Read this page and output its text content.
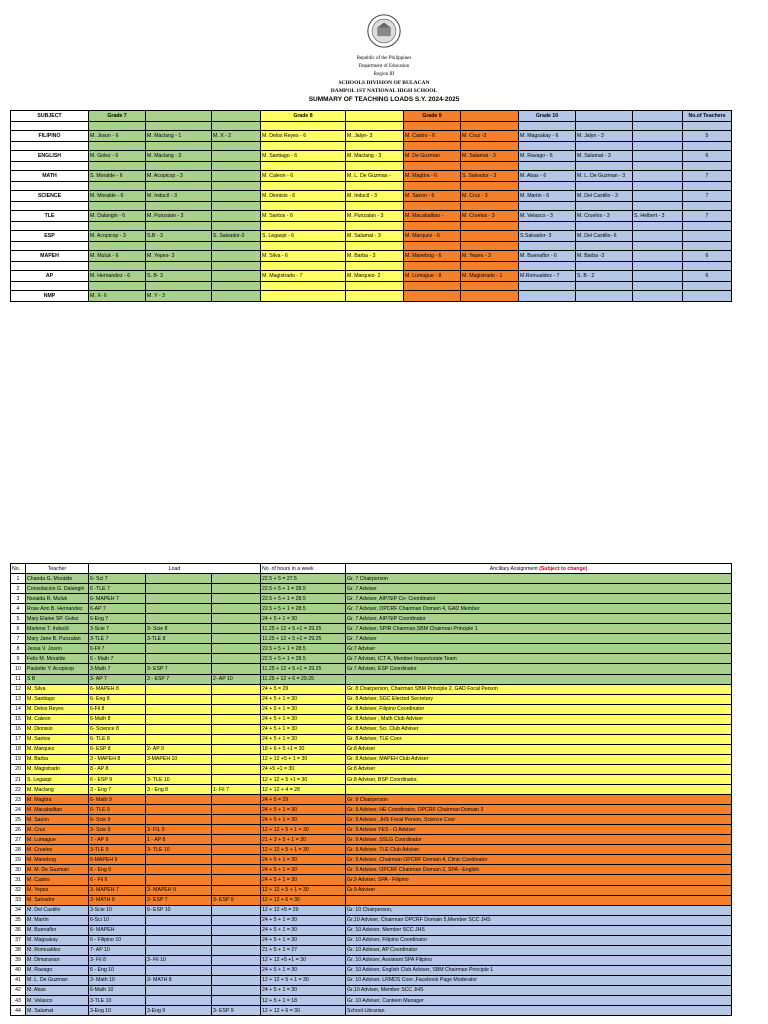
Republic of the Philippines
Department of Education
Region III
SCHOOLS DIVISION OF BULACAN
DAMPOL 1ST NATIONAL HIGH SCHOOL
SUMMARY OF TEACHING LOADS S.Y. 2024-2025
SUBJECT	Grade 7			Grade 8		Grade 9		Grade 10			No.of Teachers

FILIPINO	M. Joson - 6	M. Maclang - 1	M. X - 2	M. Delos Reyes - 6	M. Jalyn- 3	M. Castro - 6	M. Cruz -3	M. Magsakay - 6	M. Jalyn - 3		5

ENGLISH	M. Golez - 6	M. Maclang - 3		M. Santiago - 6	M. Maclang - 3	M. De Guzman	M. Salamat - 3	M. Ravago - 6	M. Salamat - 3		6

MATH	S. Moralde - 6	M. Acopicop - 3		M. Caleon - 6	M. L. De Guzman -	M. Magtira - 6	S. Salvador - 3	M. Abas - 6	M. L. De Guzman - 3		7

SCIENCE	M. Moralde - 6	M. InduciI - 3		M. Dionisio - 6	M. InduciI - 3	M. Sazon - 6	M. Cruz - 3	M. Martin - 6	M. Del Castillo - 3		7

TLE	M. Dalangin - 6	M. Punzalan - 3		M. Santos - 6	M. Punzalan - 3	M. Macabalitao -	M. Cruelos - 3	M. Velasco - 3	M. Cruelos - 3	S. Helbert - 3	7

ESP	M. Acopicop - 3	S.B - 3	S. Salvador-3	S. Legaspi - 6	M. Salamat - 3	M. Marquez - 6		S.Salvador- 3	M. Del Castillo- 6		

MAPEH	M. Muluk - 6	M. Yepes- 3		M. Silva - 6	M. Barba - 3	M. Manebog - 6	M. Yepes - 3	M. Buenaflor - 6	M. Barba -3		6

AP	M. Hernandez - 6	S. B- 3		M. Magistrado - 7	M. Marquez- 2	M. Lumague - 8	M. Magistrado - 1	M.Romualdez - 7	S. B - 2		6

NMP	M. X- 6	M. Y - 3									
No.	Teacher	Load			No. of hours in a week	Ancillary Assignment (Subject to change)
1	Chanda G. Moralde	6- Sci 7			22.5 + 5 = 27.5	Gr. 7 Chairperson
2	Consolacion G. Dalangin	6 -TLE 7			22.5 + 5 + 1 = 28.5	Gr. 7 Adviser
3	Nuraida R. Muluk	6- MAPEH 7			22.5 + 5 + 1 = 28.5	Gr. 7 Adviser, AIP/SIP Co- Coordinator
4	Rose Ann B. Hernandez	6-AP 7			22.5 + 5 + 1 = 28.5	Gr. 7 Adviser, OPCRF Chairman Domain 4, GAD Member
5	Mary Elaine SP. Golez	6-Eng 7			24 + 5 + 1 = 30	Gr. 7 Adviser, AIP/SIP Coordinator
6	Marlene T. Induciil	3-Scie 7	3- Scie 8		11.25 + 12 + 5 +1 = 29.25	Gr. 7 Adviser, SPIR Chairman,SBM Chairman Principle 1
7	Mary Jane B. Punzalan	3-TLE 7	3-TLE 8		11.25 + 12 + 5 +1 = 29.25	Gr. 7 Adviser
8	Jessa V. Joson	6-Fil 7			22.5 + 5 + 1 = 28.5	Gr.7 Adviser
9	Felix M. Moralde	6 - Math 7			22.5 + 5 + 1 = 28.5	Gr.7 Adviser, ICT A, Member Inspectorate Team
10	Paulette Y. Acopicop	3-Math 7	3- ESP 7		11.25 + 12 + 5 +1 = 29.25	Gr.7 Adviser, ESP Coordinator
11	S B	3- AP 7	3 - ESP 7	2- AP 10	11.25 + 12 + 6 = 29.25	
12	M. Silva	6- MAPEH 8			24 + 5 = 29	Gr. 8 Chairperson, Chairman SBM Principle 2, GAD Focal Person
13	M. Santiago	6- Eng 8			24 + 5 + 1 = 30	Gr. 8 Adviser, SGC Elected Secretary
14	M. Delos Reyes	6-Fil 8			24 + 5 + 1 = 30	Gr. 8 Adviser, Filipino Coordinator
15	M. Caleon	6-Math 8			24 + 5 + 1 = 30	Gr. 8 Adviser , Math Club Adviser
16	M. Dionisio	6- Science 8			24 + 5 + 1 = 30	Gr. 8 Adviser, Sci. Club Adviser
17	M. Santos	6- TLE 8			24 + 5 + 1 = 30	Gr. 8 Adviser, TLE Coor.
18	M. Marquez	6- ESP 8	2- AP 9		18 + 6 + 5 +1 = 30	Gr.8 Adviser
19	M. Barba	3 - MAPEH 8	3-MAPEH 10		12 + 12 +5 + 1 = 30	Gr. 8 Adviser, MAPEH Club Adviser
20	M. Magistrado	8 - AP 8			24 +5 +1 = 30	Gr.8 Adviser
21	S. Legaspi	6 - ESP 9	3- TLE 10		12 + 12 + 5 +1 = 30	Gr.8 Adviser, BSP Coordinator,
22	M. Maclang	3 - Eng 7	3 - Eng 8	1- Fil 7	12 + 12 + 4 = 28	
23	M. Magtira	6- Math 9			24 + 5 = 29	Gr. 9 Chairperson
24	M. Macabalitao	6- TLE 9			24 + 5 + 1 = 30	Gr. 9 Adviser, HE Coordinator, OPCRF Chairman Domain 3
25	M. Sazon	6- Scie 9			24 + 5 + 1 = 30	Gr. 9 Adviser, JHS Focal Person, Science Coor
26	M. Cruz	3- Scie 9	3- FIL 9		12 + 12 + 5 + 1 = 30	Gr. 9 Adviser YES - O Adviser
27	M. Lumague	7 - AP 9	1 - AP 8		21 + 3 + 5 + 1 = 30	Gr. 9 Adviser, SSLG Coordinator
28	M. Cruelos	3-TLE 9	3- TLE 10		12 + 12 + 5 + 1 = 30	Gr. 9 Adviser, TLE Club Adviser
29	M. Manebog	6-MAPEH 9			24 + 5 + 1 = 30	Gr. 9 Adviser, Chairman OPCRF Domain 4, Clinic Coodinator
30	M. M. De Guzman	6 - Eng 9			24 + 5 + 1 = 30	Gr. 9 Adviser, OPCRF Chairman Domain 2, SPA - English
31	M. Castro	6 - Fil 9			24 + 5 + 1 = 30	Gr.9 Adviser, SPA - Filipino
32	M. Yepes	3- MAPEH 7	3- MAPEH 9		12 + 12 + 5 + 1 = 30	Gr.9 Adviser
33	M. Salvador	3- MATH 9	3- ESP 7	3- ESP 9	12 + 12 + 6 = 30	
34	M. Del Castillo	3-Scie 10	6- ESP 10		12 + 12 +5 = 29	Gr. 10 Chairperson,
35	M. Martin	6-Sci 10			24 + 5 + 1 = 30	Gr.10 Adviser, Chairman OPCRF Domain 5,Member SCC JHS
36	M. Buenaflor	6- MAPEH			24 + 5 + 1 = 30	Gr. 10 Adviser, Member SCC JHS
37	M. Magsakay	6 - Filipino 10			24 + 5 + 1 = 30	Gr. 10 Adviser, Filipino Coordinator
38	M. Romualdez	7- AP 10			21 + 5 + 1 = 27	Gr. 10 Adviser, AP Coordinator
39	M. Dimaranan	3- Fil 8	3- Fil 10		12 + 12 +5 +1 = 30	Gr. 10 Adviser, Assistant SPA Filipino
40	M. Ravago	6 - Eng 10			24 + 5 + 1 = 30	Gr. 10 Adviser, English Club Adviser, SBM Chairman Principle 1
41	M. L. De Guzman	3- Math 10	3- MATH 8		12 + 12 + 5 + 1 = 30	Gr. 10 Adviser, LRMDS Coor.,Facebook Page Moderator
42	M. Abas	6-Math 10			24 + 5 + 1 = 30	Gr.10 Adviser, Member SCC JHS
43	M. Velasco	3-TLE 10			12 + 5 + 1 = 18	Gr. 10 Adviser, Canteen Manager
44	M. Salamat	3-Eng 10	3-Eng 9	3- ESP 9	12 + 12 + 6 = 30	School Librarian
